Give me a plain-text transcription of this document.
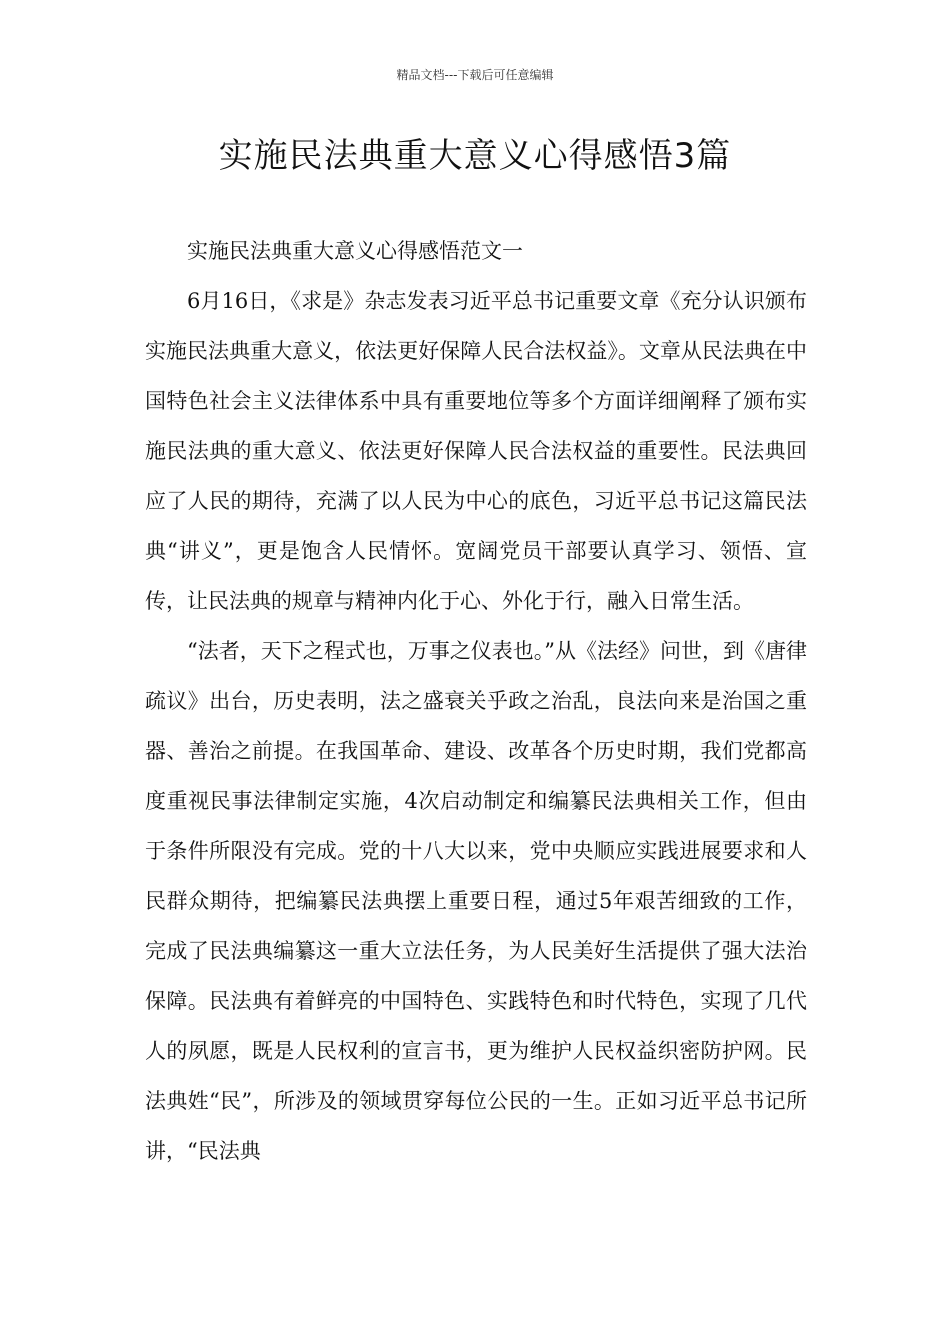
精品文档---下载后可任意编辑
实施民法典重大意义心得感悟3篇

实施民法典重大意义心得感悟范文一

6月16日，《求是》杂志发表习近平总书记重要文章《充分认识颁布实施民法典重大意义，依法更好保障人民合法权益》。文章从民法典在中国特色社会主义法律体系中具有重要地位等多个方面详细阐释了颁布实施民法典的重大意义、依法更好保障人民合法权益的重要性。民法典回应了人民的期待，充满了以人民为中心的底色，习近平总书记这篇民法典“讲义”，更是饱含人民情怀。宽阔党员干部要认真学习、领悟、宣传，让民法典的规章与精神内化于心、外化于行，融入日常生活。

“法者，天下之程式也，万事之仪表也。”从《法经》问世，到《唐律疏议》出台，历史表明，法之盛衰关乎政之治乱，良法向来是治国之重器、善治之前提。在我国革命、建设、改革各个历史时期，我们党都高度重视民事法律制定实施，4次启动制定和编纂民法典相关工作，但由于条件所限没有完成。党的十八大以来，党中央顺应实践进展要求和人民群众期待，把编纂民法典摆上重要日程，通过5年艰苦细致的工作，完成了民法典编纂这一重大立法任务，为人民美好生活提供了强大法治保障。民法典有着鲜亮的中国特色、实践特色和时代特色，实现了几代人的夙愿，既是人民权利的宣言书，更为维护人民权益织密防护网。民法典姓“民”，所涉及的领域贯穿每位公民的一生。正如习近平总书记所讲，“民法典
